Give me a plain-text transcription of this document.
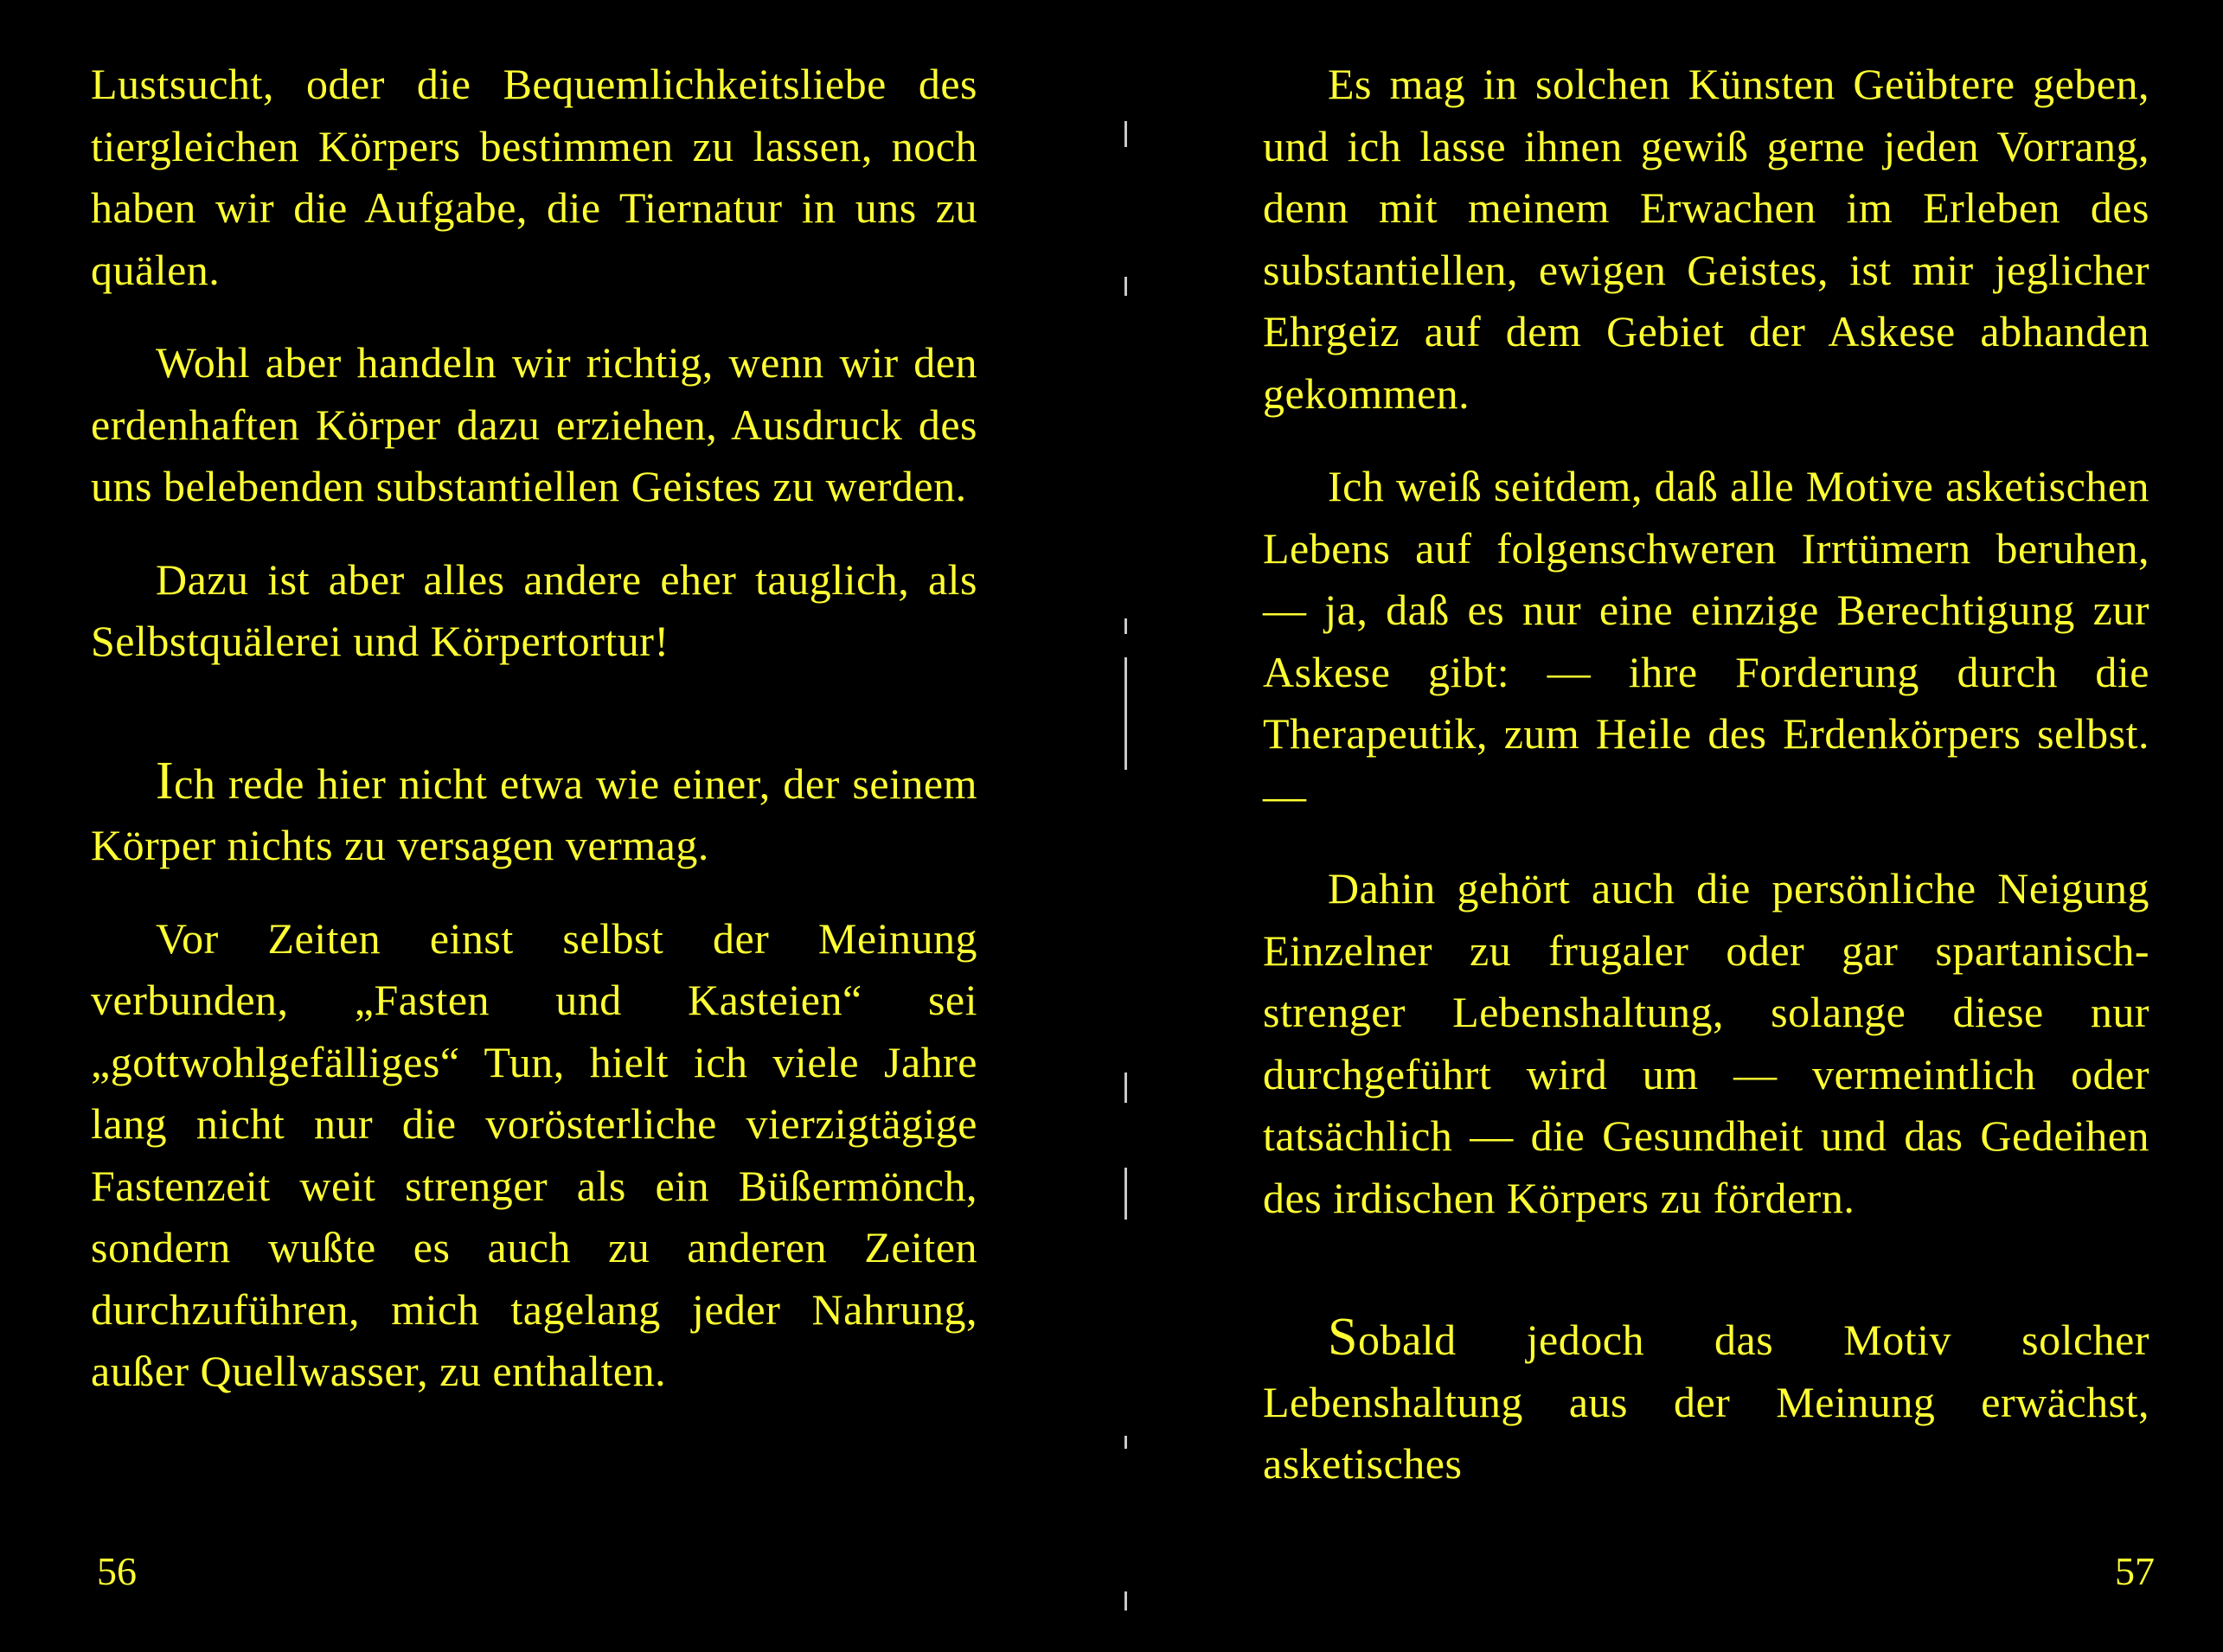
Lustsucht, oder die Bequemlichkeitsliebe des tiergleichen Körpers bestimmen zu lassen, noch haben wir die Aufgabe, die Tiernatur in uns zu quälen.

Wohl aber handeln wir richtig, wenn wir den erdenhaften Körper dazu erziehen, Ausdruck des uns belebenden substantiellen Geistes zu werden.

Dazu ist aber alles andere eher tauglich, als Selbstquälerei und Körpertortur!

Ich rede hier nicht etwa wie einer, der seinem Körper nichts zu versagen vermag.

Vor Zeiten einst selbst der Meinung verbunden, „Fasten und Kasteien“ sei „gottwohlgefälliges“ Tun, hielt ich viele Jahre lang nicht nur die vorösterliche vierzigtägige Fastenzeit weit strenger als ein Büßermönch, sondern wußte es auch zu anderen Zeiten durchzuführen, mich tagelang jeder Nahrung, außer Quellwasser, zu enthalten.

56

Es mag in solchen Künsten Geübtere geben, und ich lasse ihnen gewiß gerne jeden Vorrang, denn mit meinem Erwachen im Erleben des substantiellen, ewigen Geistes, ist mir jeglicher Ehrgeiz auf dem Gebiet der Askese abhanden gekommen.

Ich weiß seitdem, daß alle Motive asketischen Lebens auf folgenschweren Irrtümern beruhen, — ja, daß es nur eine einzige Berechtigung zur Askese gibt: — ihre Forderung durch die Therapeutik, zum Heile des Erdenkörpers selbst. —

Dahin gehört auch die persönliche Neigung Einzelner zu frugaler oder gar spartanisch-strenger Lebenshaltung, solange diese nur durchgeführt wird um — vermeintlich oder tatsächlich — die Gesundheit und das Gedeihen des irdischen Körpers zu fördern.

Sobald jedoch das Motiv solcher Lebenshaltung aus der Meinung erwächst, asketisches

57
